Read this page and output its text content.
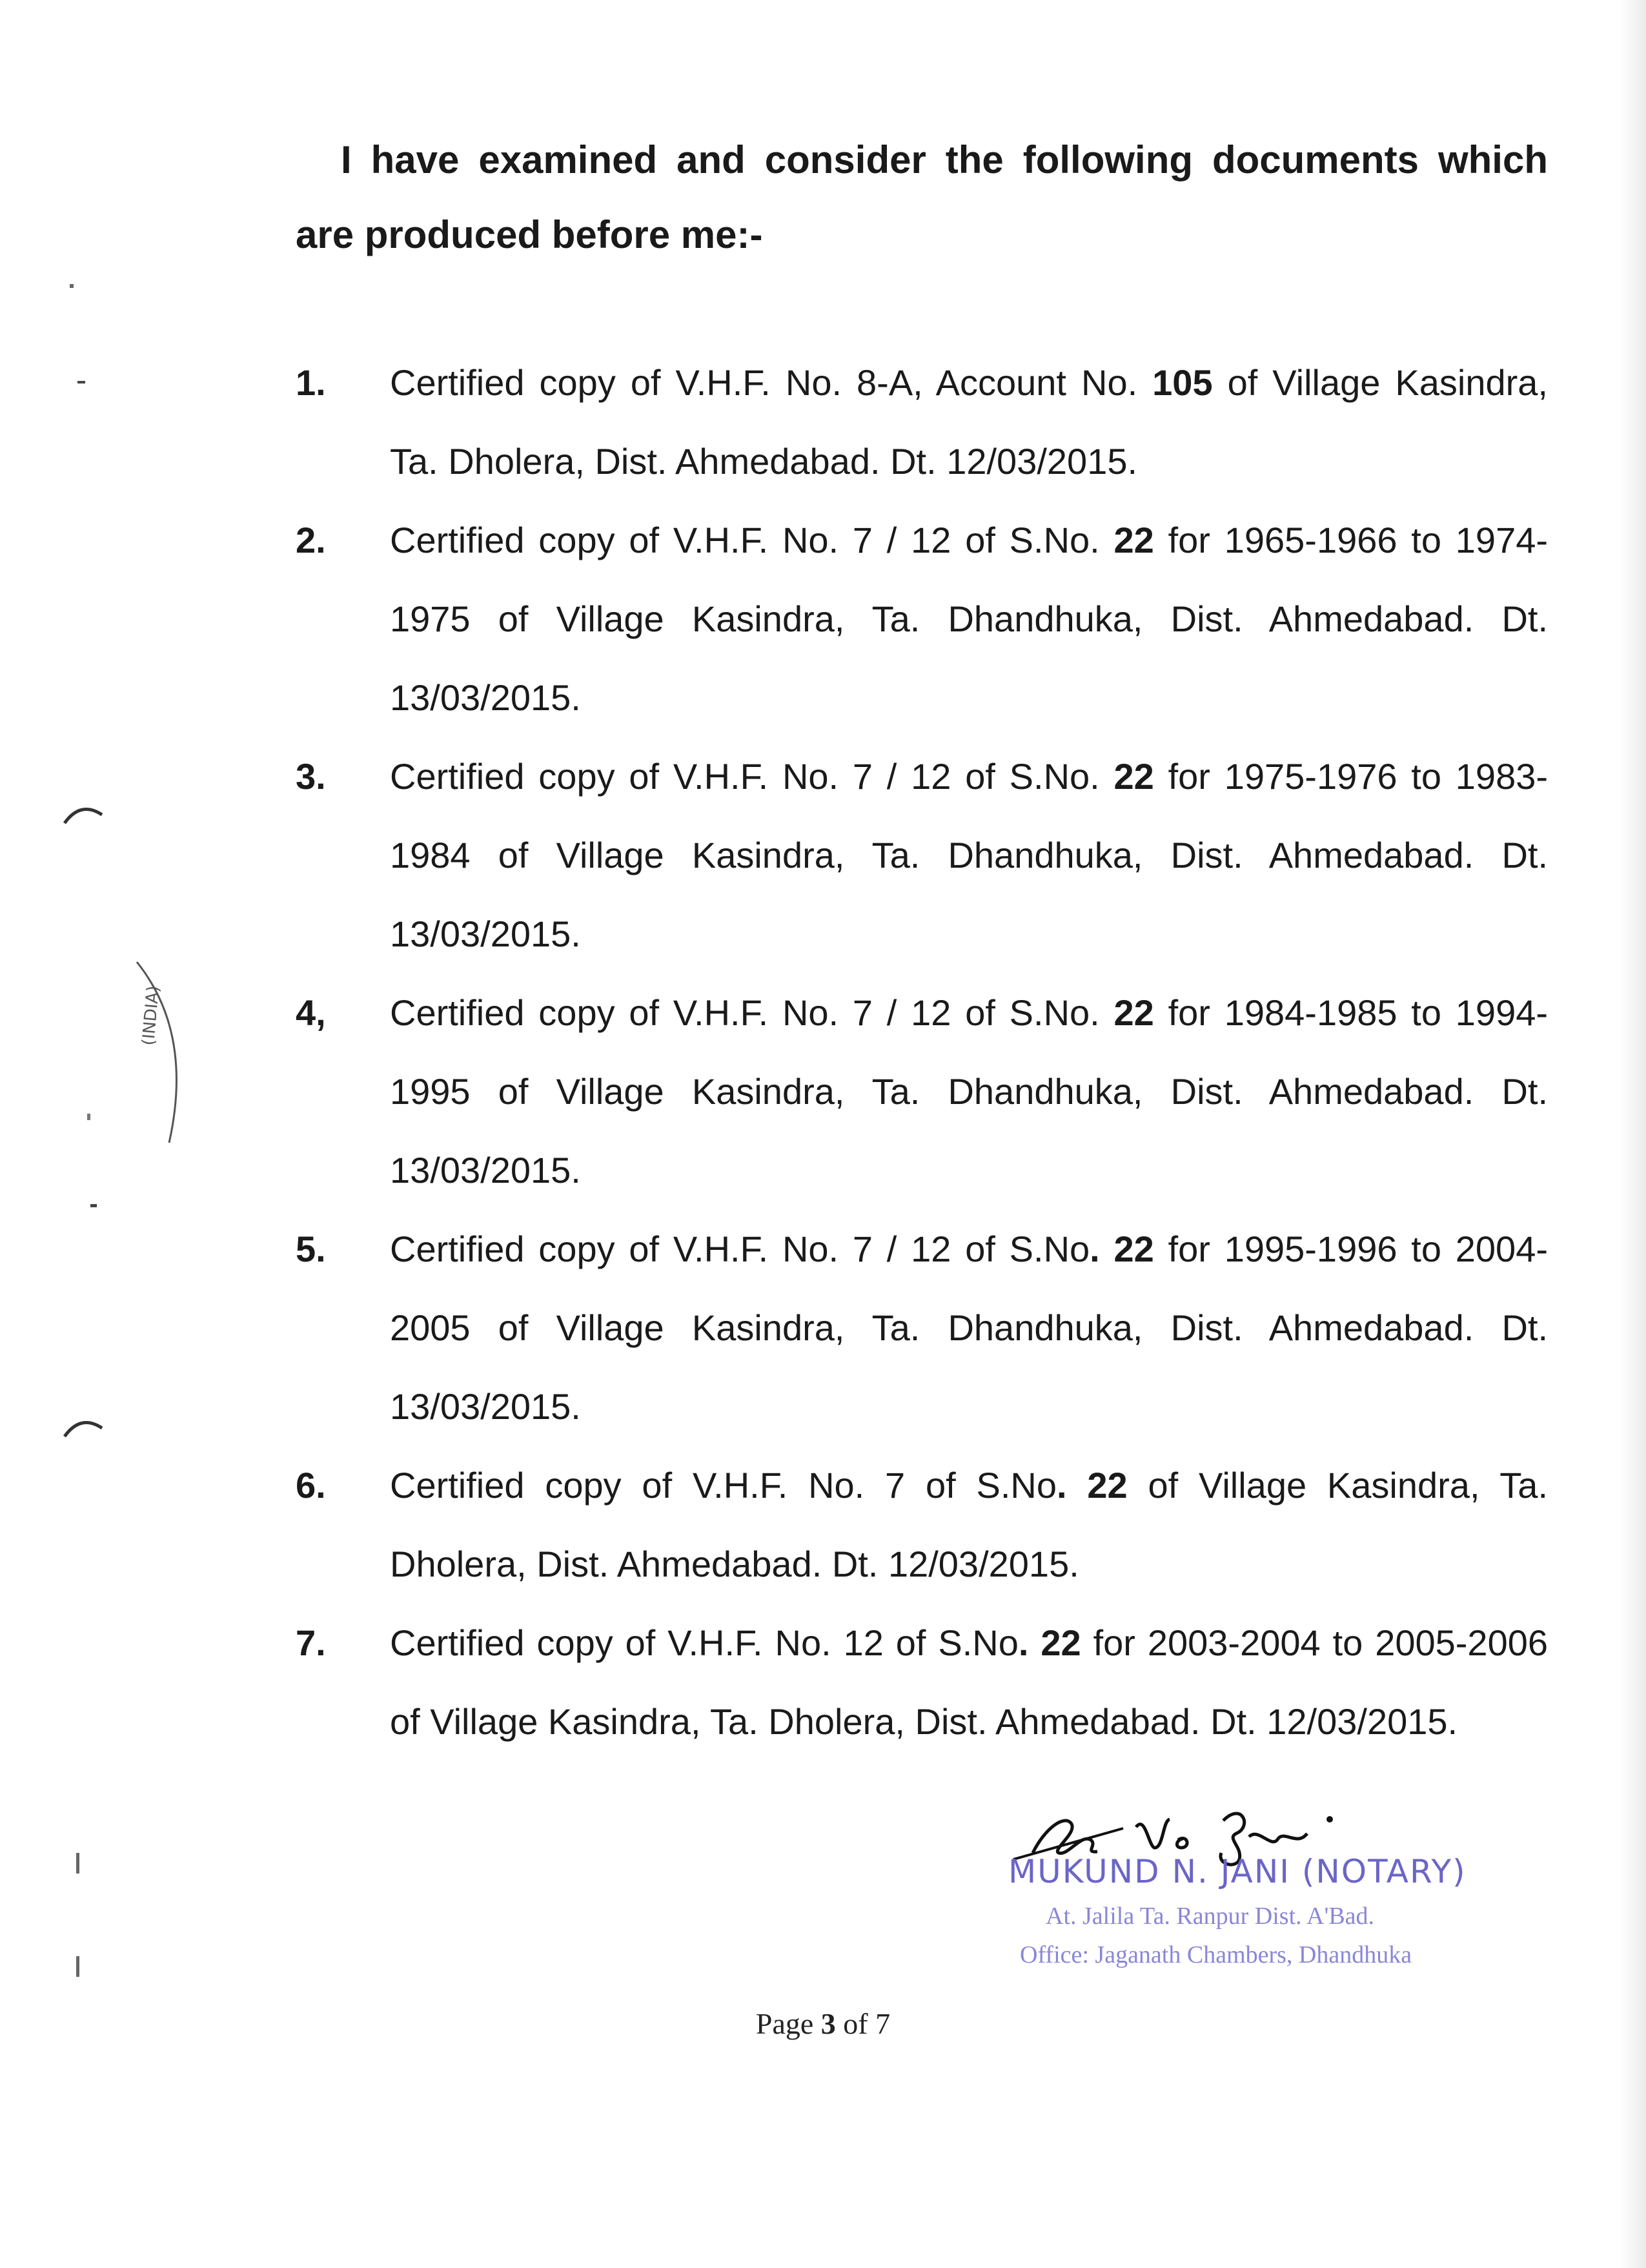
(INDIA)
I have examined and consider the following documents which are produced before me:-
1. Certified copy of V.H.F. No. 8-A, Account No. 105 of Village Kasindra, Ta. Dholera, Dist. Ahmedabad. Dt. 12/03/2015.
2. Certified copy of V.H.F. No. 7 / 12 of S.No. 22 for 1965-1966 to 1974-1975 of Village Kasindra, Ta. Dhandhuka, Dist. Ahmedabad. Dt. 13/03/2015.
3. Certified copy of V.H.F. No. 7 / 12 of S.No. 22 for 1975-1976 to 1983-1984 of Village Kasindra, Ta. Dhandhuka, Dist. Ahmedabad. Dt. 13/03/2015.
4, Certified copy of V.H.F. No. 7 / 12 of S.No. 22 for 1984-1985 to 1994-1995 of Village Kasindra, Ta. Dhandhuka, Dist. Ahmedabad. Dt. 13/03/2015.
5. Certified copy of V.H.F. No. 7 / 12 of S.No. 22 for 1995-1996 to 2004-2005 of Village Kasindra, Ta. Dhandhuka, Dist. Ahmedabad. Dt. 13/03/2015.
6. Certified copy of V.H.F. No. 7 of S.No. 22 of Village Kasindra, Ta. Dholera, Dist. Ahmedabad. Dt. 12/03/2015.
7. Certified copy of V.H.F. No. 12 of S.No. 22 for 2003-2004 to 2005-2006 of Village Kasindra, Ta. Dholera, Dist. Ahmedabad. Dt. 12/03/2015.
MUKUND N. JANI (NOTARY)
At. Jalila Ta. Ranpur Dist. A'Bad.
Office: Jaganath Chambers, Dhandhuka
Page 3 of 7
